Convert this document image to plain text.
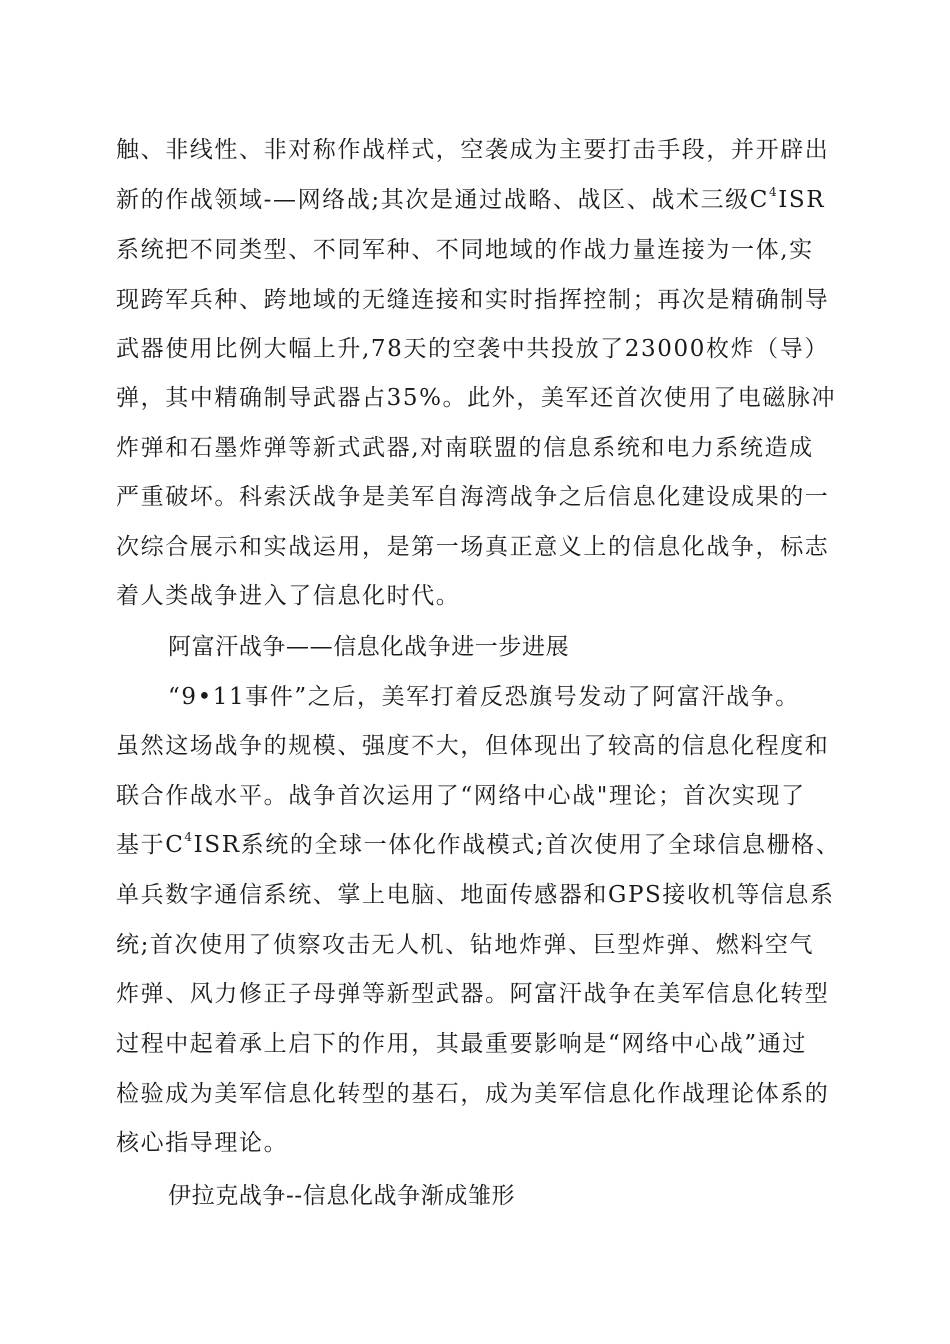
触、非线性、非对称作战样式，空袭成为主要打击手段，并开辟出

新的作战领域-—网络战;其次是通过战略、战区、战术三级$C^4ISR$

系统把不同类型、不同军种、不同地域的作战力量连接为一体,实

现跨军兵种、跨地域的无缝连接和实时指挥控制；再次是精确制导

武器使用比例大幅上升,78天的空袭中共投放了23000枚炸（导）

弹，其中精确制导武器占35%。此外，美军还首次使用了电磁脉冲

炸弹和石墨炸弹等新式武器,对南联盟的信息系统和电力系统造成

严重破坏。科索沃战争是美军自海湾战争之后信息化建设成果的一

次综合展示和实战运用，是第一场真正意义上的信息化战争，标志

着人类战争进入了信息化时代。

阿富汗战争——信息化战争进一步进展

“9•11事件”之后，美军打着反恐旗号发动了阿富汗战争。

虽然这场战争的规模、强度不大，但体现出了较高的信息化程度和

联合作战水平。战争首次运用了“网络中心战"理论；首次实现了

基于$C^4ISR$系统的全球一体化作战模式;首次使用了全球信息栅格、

单兵数字通信系统、掌上电脑、地面传感器和GPS接收机等信息系

统;首次使用了侦察攻击无人机、钻地炸弹、巨型炸弹、燃料空气

炸弹、风力修正子母弹等新型武器。阿富汗战争在美军信息化转型

过程中起着承上启下的作用，其最重要影响是“网络中心战”通过

检验成为美军信息化转型的基石，成为美军信息化作战理论体系的

核心指导理论。

伊拉克战争--信息化战争渐成雏形
